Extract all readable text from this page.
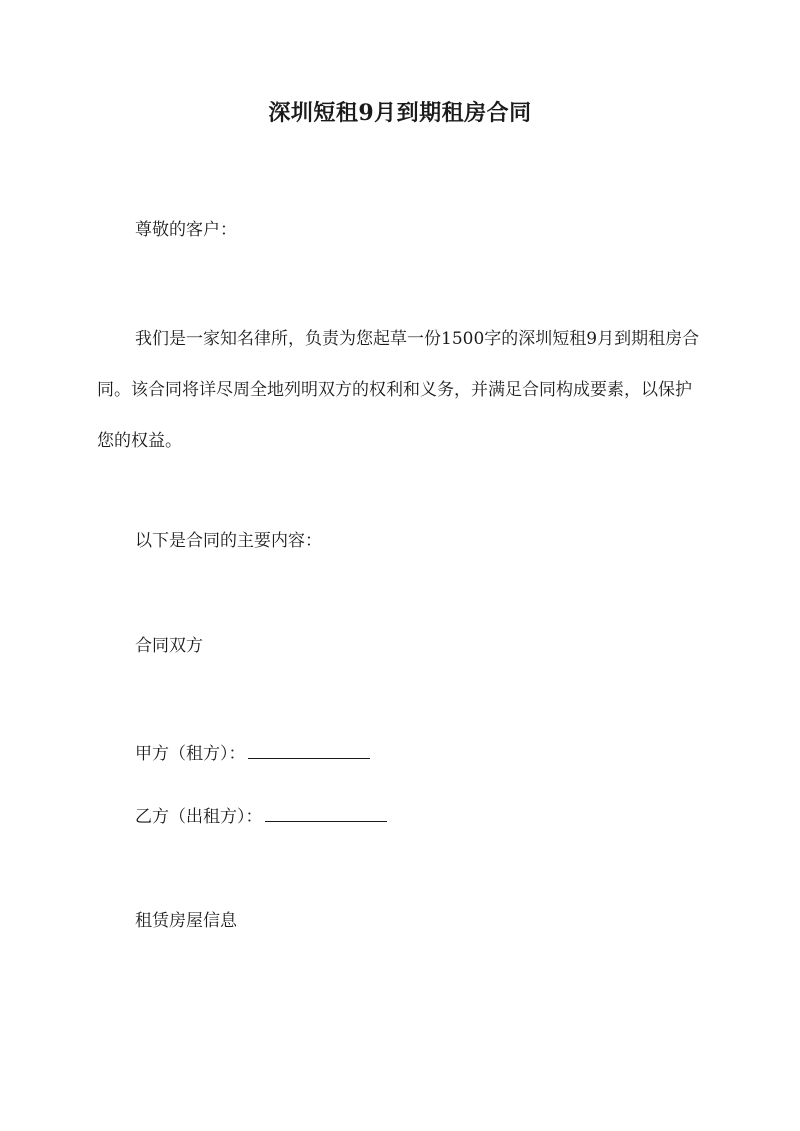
深圳短租9月到期租房合同
尊敬的客户：
我们是一家知名律所，负责为您起草一份1500字的深圳短租9月到期租房合同。该合同将详尽周全地列明双方的权利和义务，并满足合同构成要素，以保护您的权益。
以下是合同的主要内容：
合同双方
甲方（租方）：
乙方（出租方）：
租赁房屋信息
